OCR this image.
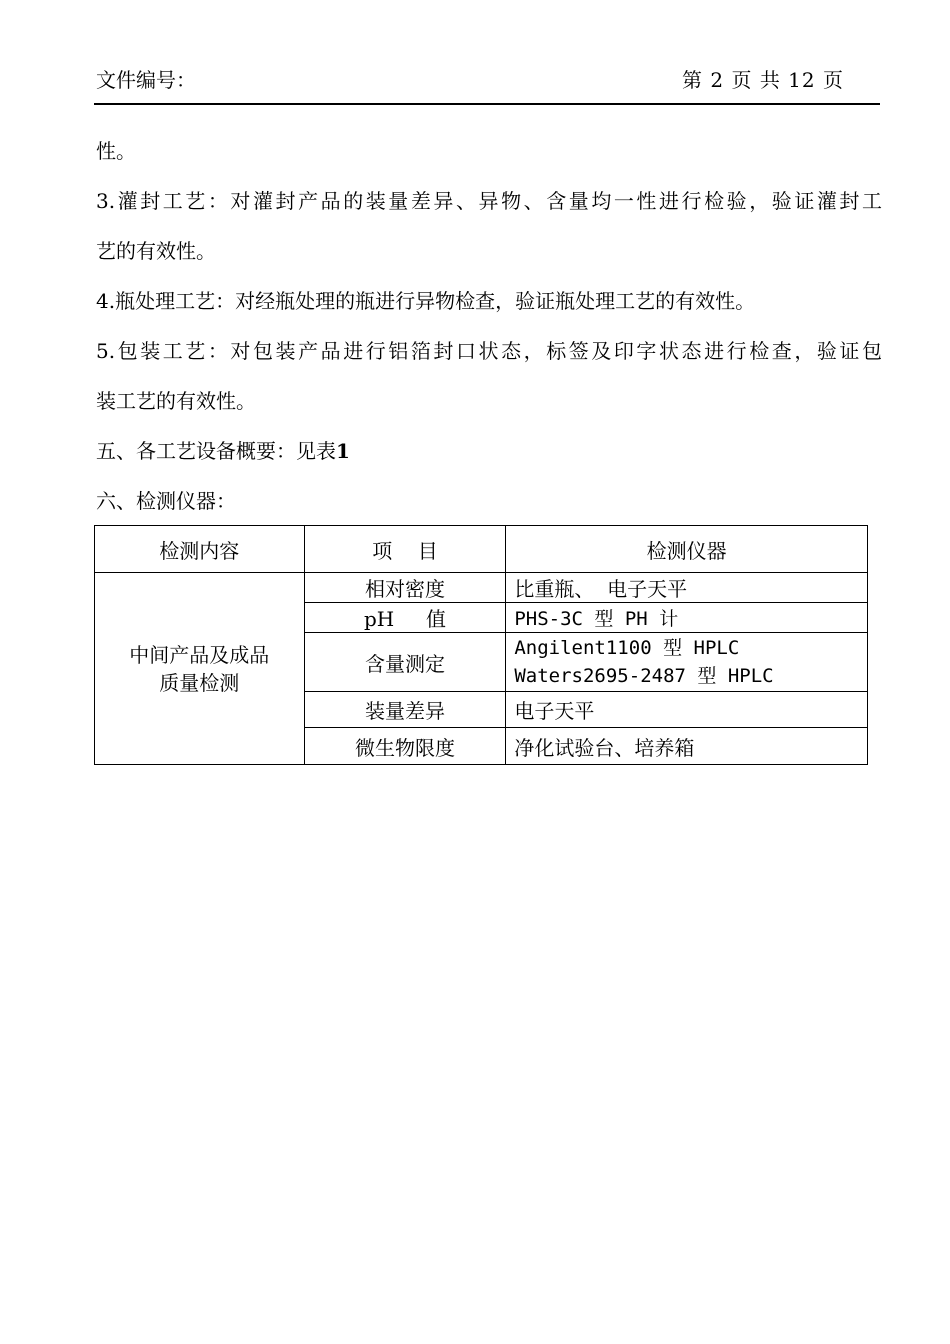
文件编号：	第 2 页 共 12 页

性。

3.灌封工艺：对灌封产品的装量差异、异物、含量均一性进行检验，验证灌封工

艺的有效性。

4.瓶处理工艺：对经瓶处理的瓶进行异物检查，验证瓶处理工艺的有效性。

5.包装工艺：对包装产品进行铝箔封口状态，标签及印字状态进行检查，验证包

装工艺的有效性。

五、各工艺设备概要：见表1

六、检测仪器：

检测内容	项    目	检测仪器

中间产品及成品
质量检测	相对密度	比重瓶、  电子天平
	pH     值	PHS-3C 型 PH 计
	含量测定	Angilent1100 型 HPLC
Waters2695-2487 型 HPLC

	装量差异	电子天平
	微生物限度	净化试验台、培养箱
